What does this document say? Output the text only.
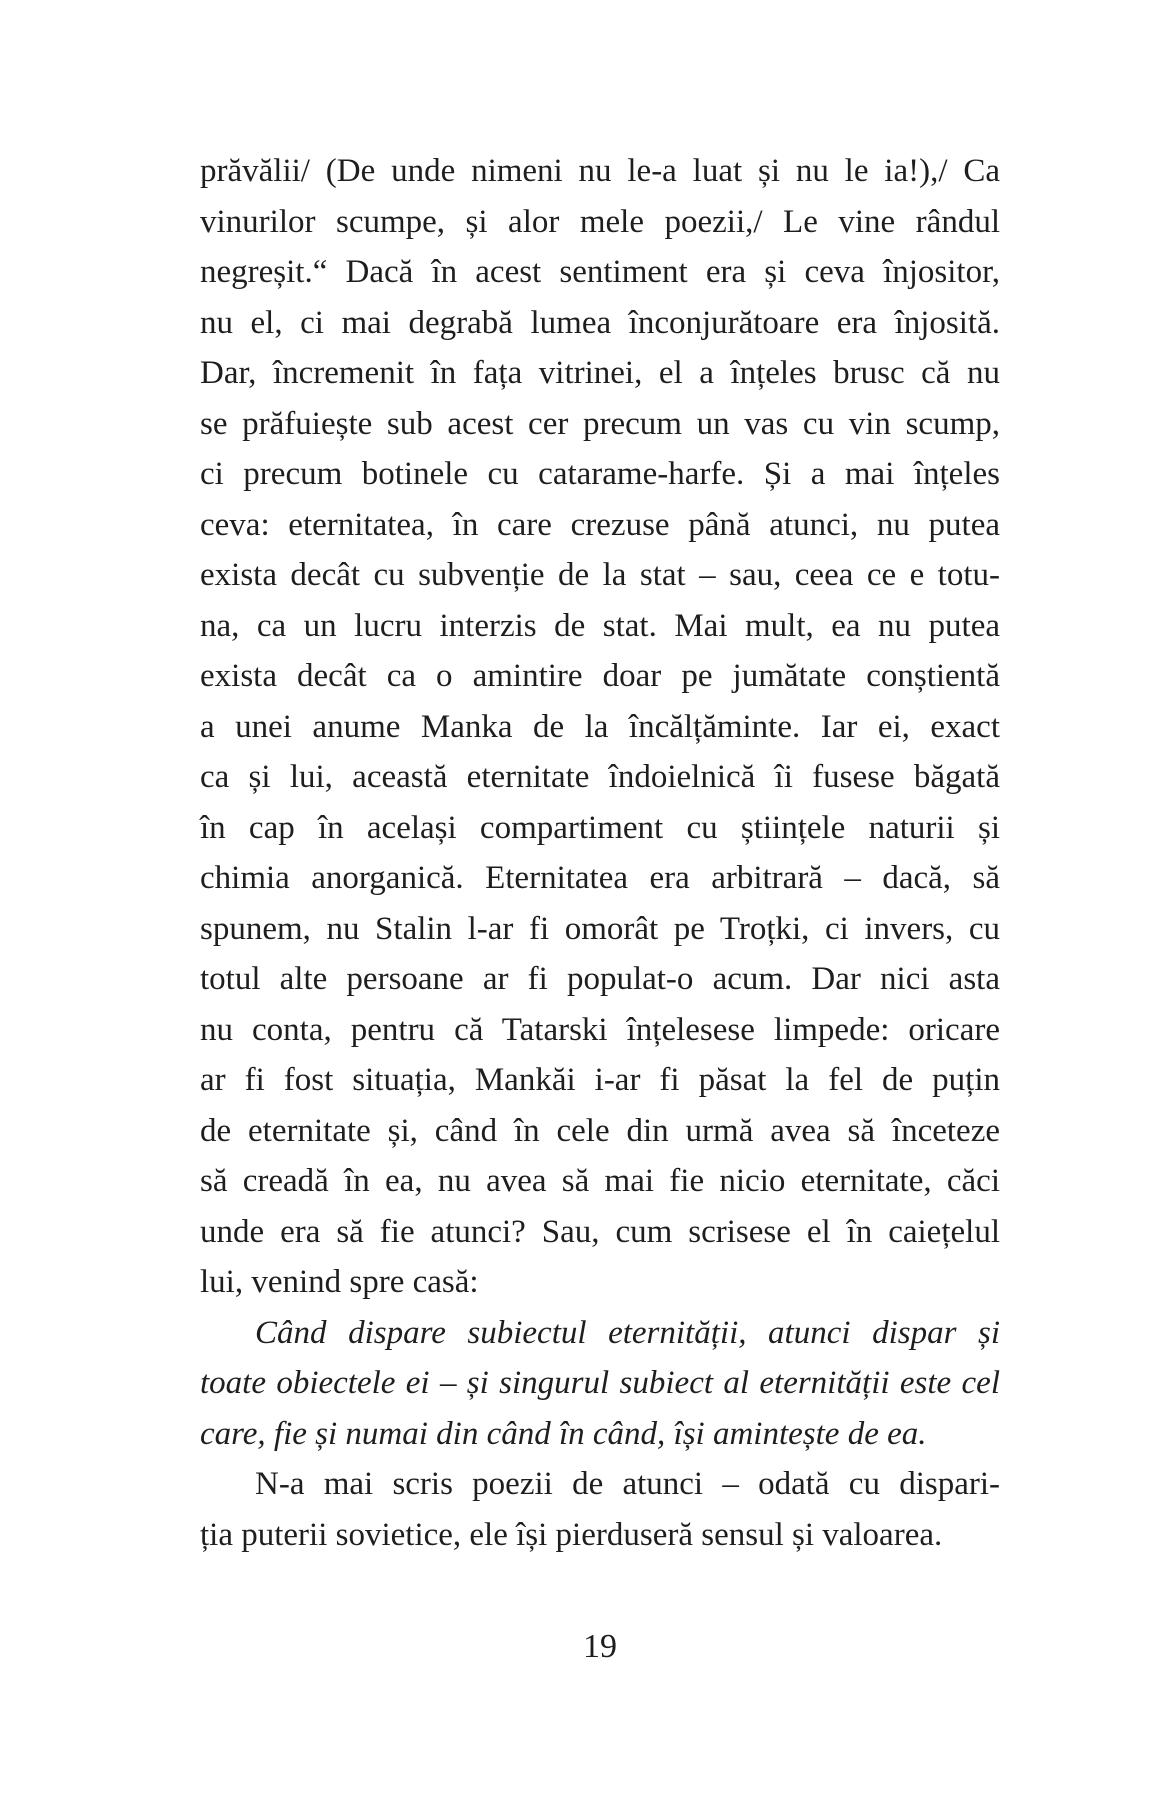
prăvălii/ (De unde nimeni nu le-a luat și nu le ia!),/ Ca
vinurilor scumpe, și alor mele poezii,/ Le vine rândul
negreșit.“ Dacă în acest sentiment era și ceva înjositor,
nu el, ci mai degrabă lumea înconjurătoare era înjosită.
Dar, încremenit în fața vitrinei, el a înțeles brusc că nu
se prăfuiește sub acest cer precum un vas cu vin scump,
ci precum botinele cu catarame-harfe. Și a mai înțeles
ceva: eternitatea, în care crezuse până atunci, nu putea
exista decât cu subvenție de la stat – sau, ceea ce e totu-
na, ca un lucru interzis de stat. Mai mult, ea nu putea
exista decât ca o amintire doar pe jumătate conștientă
a unei anume Manka de la încălțăminte. Iar ei, exact
ca și lui, această eternitate îndoielnică îi fusese băgată
în cap în același compartiment cu științele naturii și
chimia anorganică. Eternitatea era arbitrară – dacă, să
spunem, nu Stalin l-ar fi omorât pe Troțki, ci invers, cu
totul alte persoane ar fi populat-o acum. Dar nici asta
nu conta, pentru că Tatarski înțelesese limpede: oricare
ar fi fost situația, Mankăi i-ar fi păsat la fel de puțin
de eternitate și, când în cele din urmă avea să înceteze
să creadă în ea, nu avea să mai fie nicio eternitate, căci
unde era să fie atunci? Sau, cum scrisese el în caiețelul
lui, venind spre casă:
Când dispare subiectul eternității, atunci dispar și
toate obiectele ei – și singurul subiect al eternității este cel
care, fie și numai din când în când, își amintește de ea.
N-a mai scris poezii de atunci – odată cu dispari-
ția puterii sovietice, ele își pierduseră sensul și valoarea.
19
